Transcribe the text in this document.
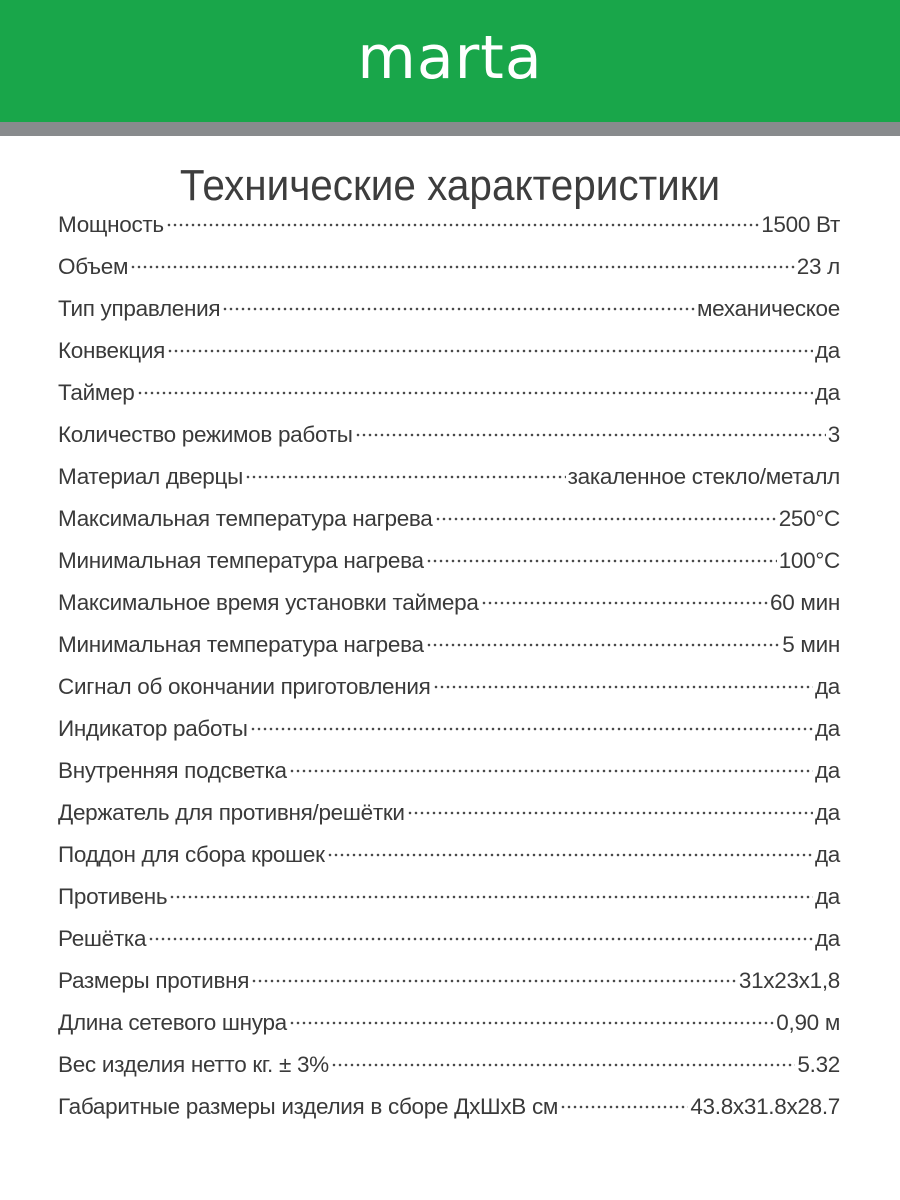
marta
Технические характеристики
Мощность	1500 Вт
Объем	23 л
Тип управления	механическое
Конвекция	да
Таймер	да
Количество режимов работы	3
Материал дверцы	закаленное стекло/металл
Максимальная температура нагрева	250°С
Минимальная температура нагрева	100°С
Максимальное время установки таймера	60 мин
Минимальная температура нагрева	5 мин
Сигнал об окончании приготовления	да
Индикатор работы	да
Внутренняя подсветка	да
Держатель для противня/решётки	да
Поддон для сбора крошек	да
Противень	да
Решётка	да
Размеры противня	31х23х1,8
Длина сетевого шнура	0,90 м
Вес изделия нетто кг. ± 3%	5.32
Габаритные размеры изделия в сборе ДхШхВ см	43.8х31.8х28.7
